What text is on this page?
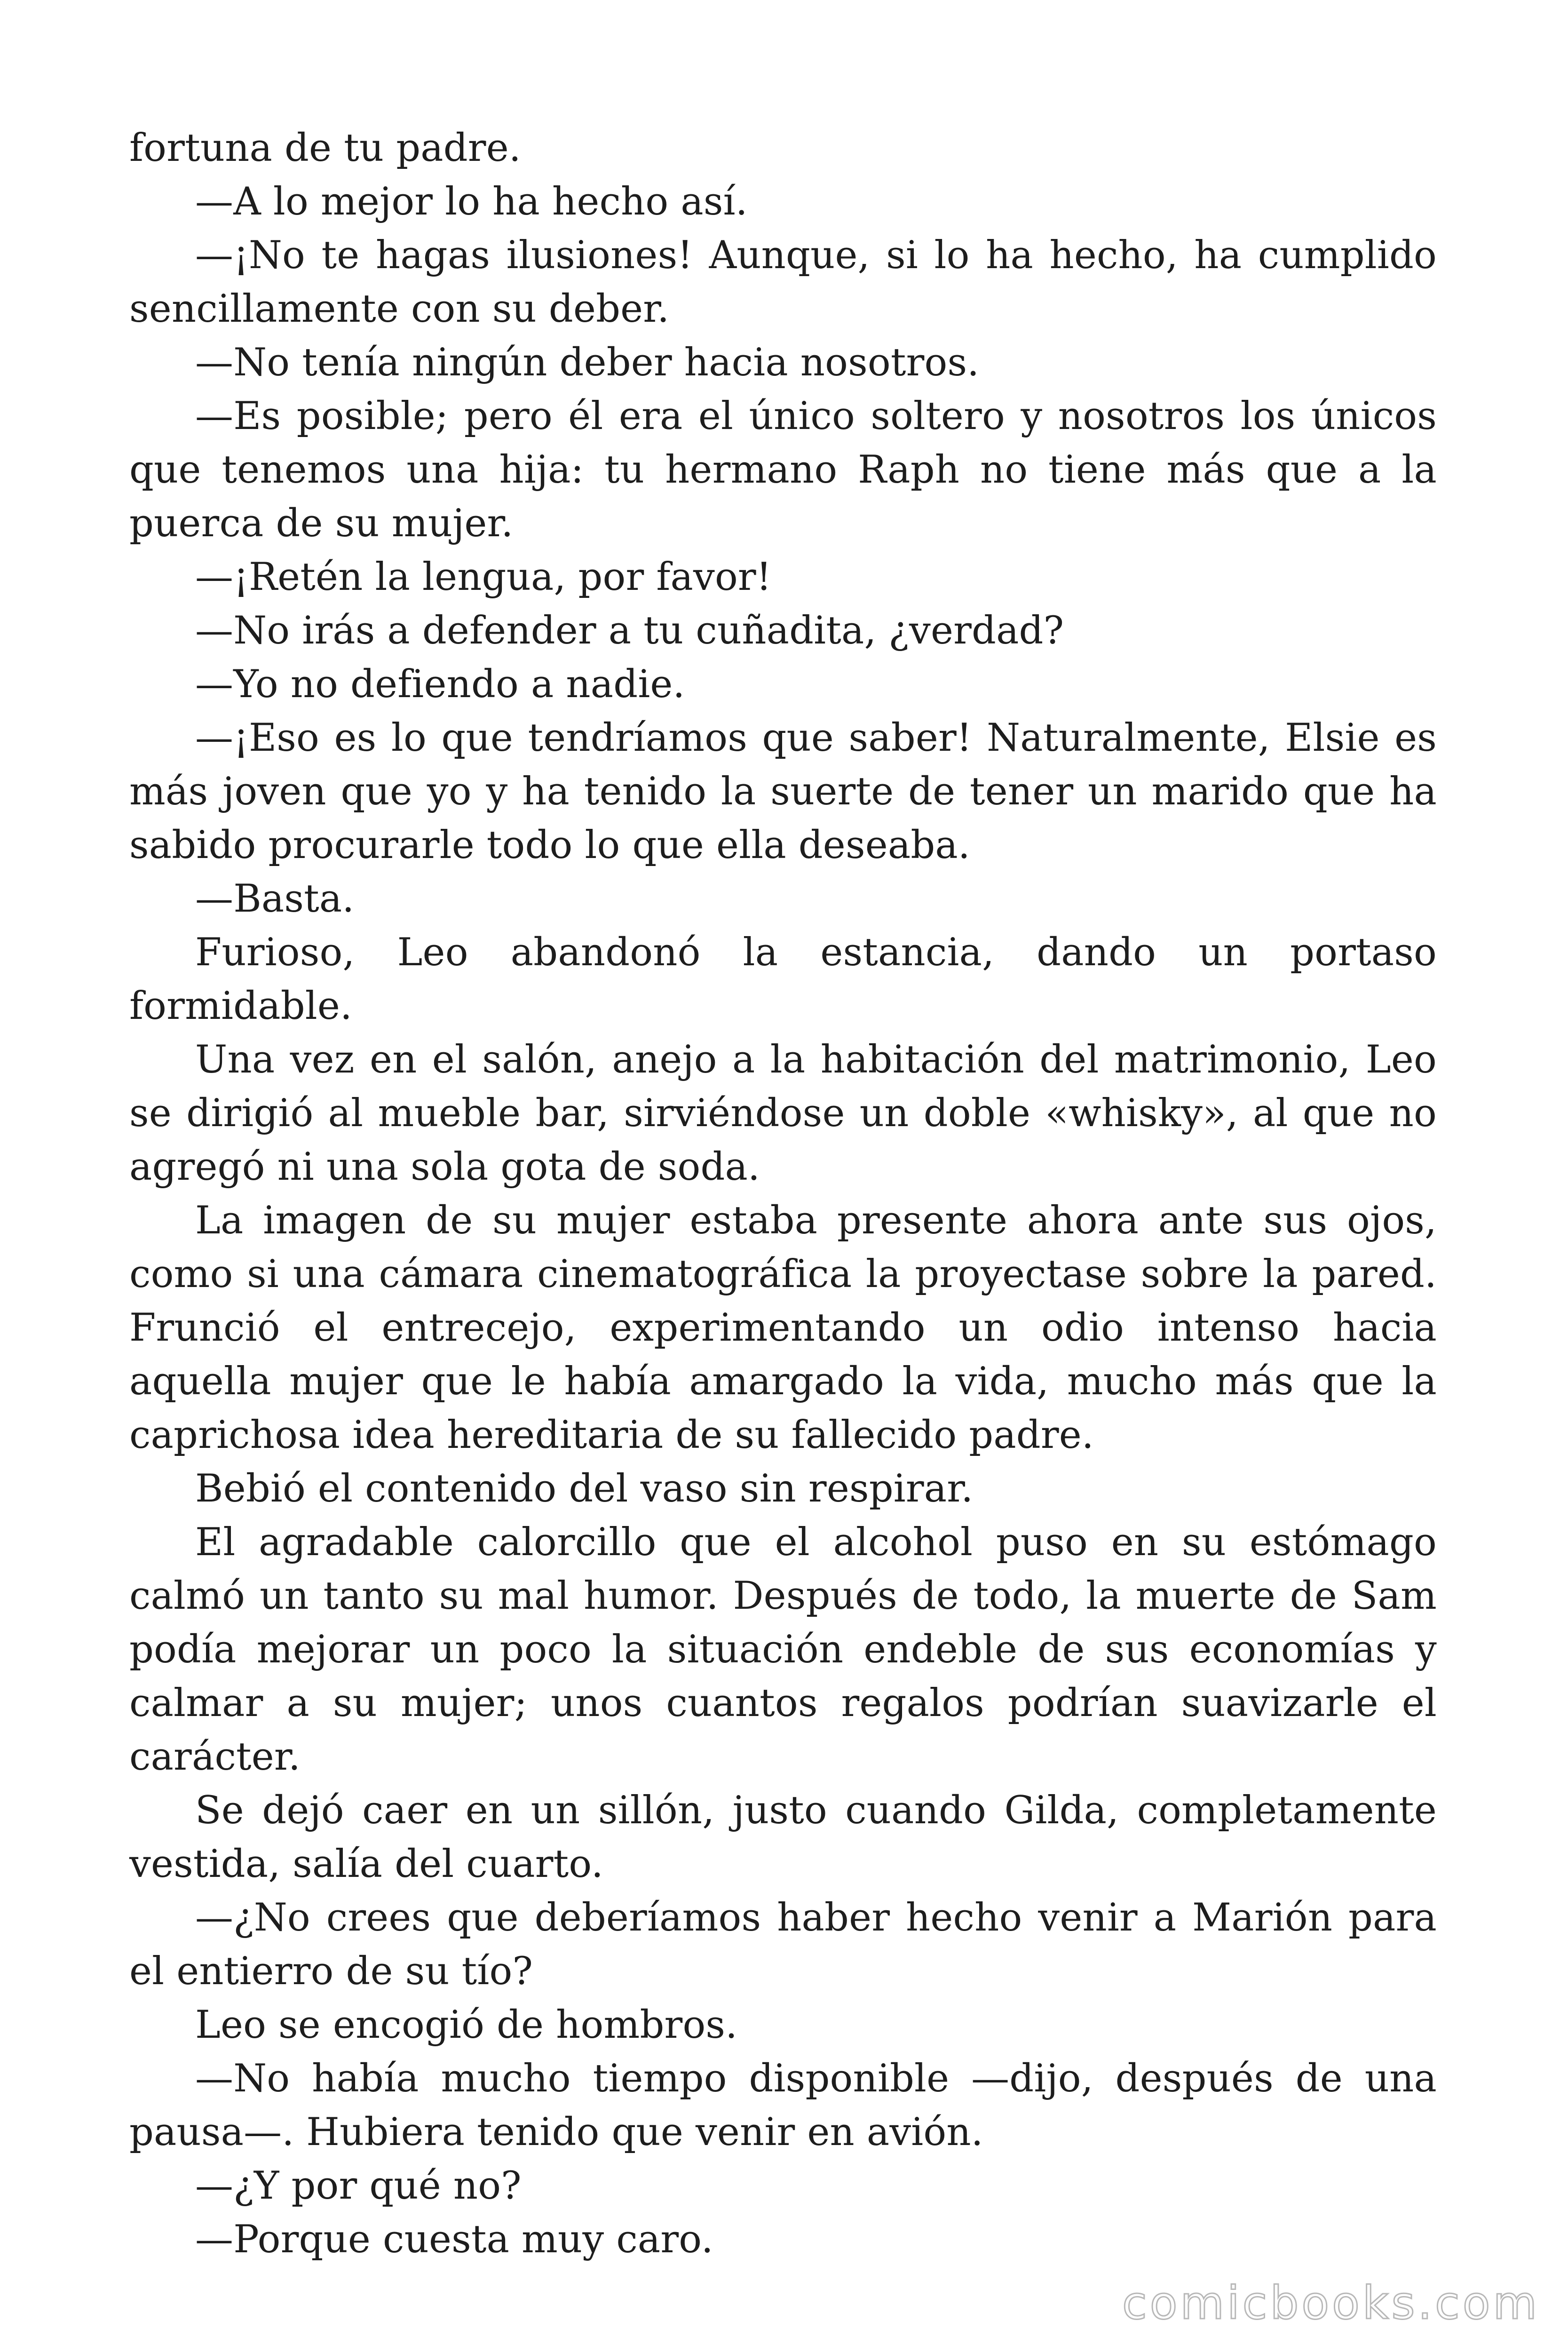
fortuna de tu padre.

—A lo mejor lo ha hecho así.

—¡No te hagas ilusiones! Aunque, si lo ha hecho, ha cumplido sencillamente con su deber.

—No tenía ningún deber hacia nosotros.

—Es posible; pero él era el único soltero y nosotros los únicos que tenemos una hija: tu hermano Raph no tiene más que a la puerca de su mujer.

—¡Retén la lengua, por favor!

—No irás a defender a tu cuñadita, ¿verdad?

—Yo no defiendo a nadie.

—¡Eso es lo que tendríamos que saber! Naturalmente, Elsie es más joven que yo y ha tenido la suerte de tener un marido que ha sabido procurarle todo lo que ella deseaba.

—Basta.

Furioso, Leo abandonó la estancia, dando un portaso formidable.

Una vez en el salón, anejo a la habitación del matrimonio, Leo se dirigió al mueble bar, sirviéndose un doble «whisky», al que no agregó ni una sola gota de soda.

La imagen de su mujer estaba presente ahora ante sus ojos, como si una cámara cinematográfica la proyectase sobre la pared. Frunció el entrecejo, experimentando un odio intenso hacia aquella mujer que le había amargado la vida, mucho más que la caprichosa idea hereditaria de su fallecido padre.

Bebió el contenido del vaso sin respirar.

El agradable calorcillo que el alcohol puso en su estómago calmó un tanto su mal humor. Después de todo, la muerte de Sam podía mejorar un poco la situación endeble de sus economías y calmar a su mujer; unos cuantos regalos podrían suavizarle el carácter.

Se dejó caer en un sillón, justo cuando Gilda, completamente vestida, salía del cuarto.

—¿No crees que deberíamos haber hecho venir a Marión para el entierro de su tío?

Leo se encogió de hombros.

—No había mucho tiempo disponible —dijo, después de una pausa—. Hubiera tenido que venir en avión.

—¿Y por qué no?

—Porque cuesta muy caro.

comicbooks.com
